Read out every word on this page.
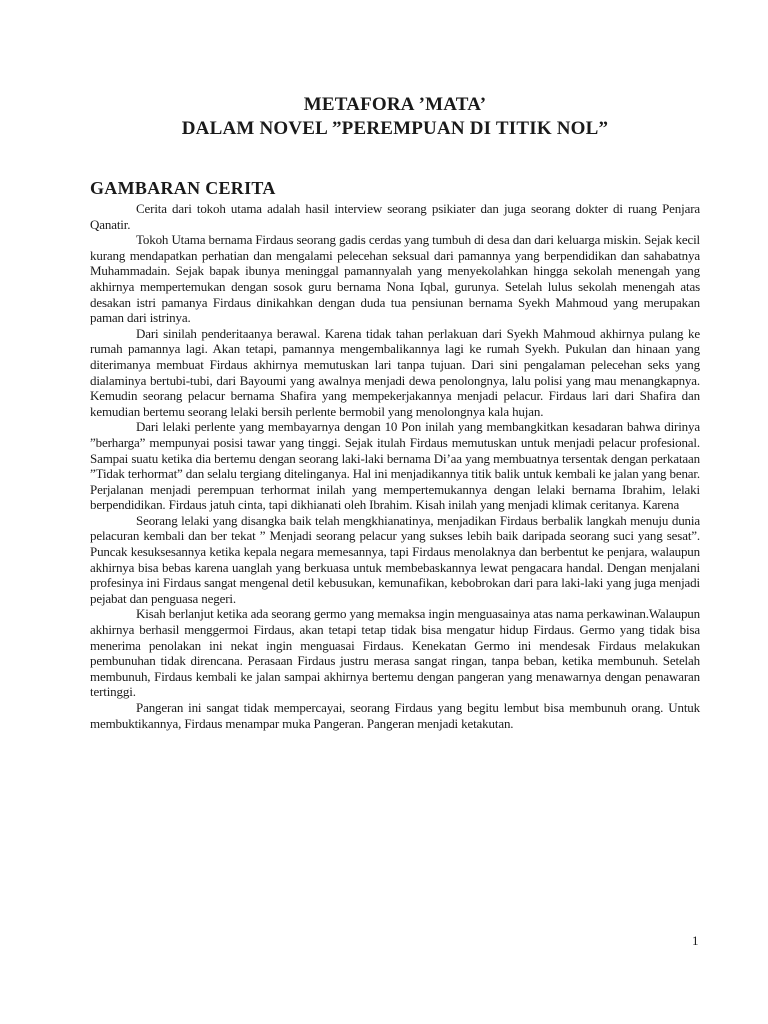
METAFORA ’MATA’
DALAM NOVEL ”PEREMPUAN DI TITIK NOL”
GAMBARAN CERITA

Cerita dari tokoh utama adalah hasil interview seorang psikiater dan juga seorang dokter di ruang Penjara Qanatir.

Tokoh Utama bernama Firdaus seorang gadis cerdas yang tumbuh di desa dan dari keluarga miskin. Sejak kecil kurang mendapatkan perhatian dan mengalami pelecehan seksual dari pamannya yang berpendidikan dan sahabatnya Muhammadain. Sejak bapak ibunya meninggal pamannyalah yang menyekolahkan hingga sekolah menengah yang akhirnya mempertemukan dengan sosok guru bernama Nona Iqbal, gurunya. Setelah lulus sekolah menengah atas desakan istri pamanya Firdaus dinikahkan dengan duda tua pensiunan bernama Syekh Mahmoud yang merupakan paman dari istrinya.

Dari sinilah penderitaanya berawal. Karena tidak tahan perlakuan dari Syekh Mahmoud akhirnya pulang ke rumah pamannya lagi. Akan tetapi, pamannya mengembalikannya lagi ke rumah Syekh. Pukulan dan hinaan yang diterimanya membuat Firdaus akhirnya memutuskan lari tanpa tujuan. Dari sini pengalaman pelecehan seks yang dialaminya bertubi-tubi, dari Bayoumi yang awalnya menjadi dewa penolongnya, lalu polisi yang mau menangkapnya. Kemudin seorang pelacur bernama Shafira yang mempekerjakannya menjadi pelacur. Firdaus lari dari Shafira dan kemudian bertemu seorang lelaki bersih perlente bermobil yang menolongnya kala hujan.

Dari lelaki perlente yang membayarnya dengan 10 Pon inilah yang membangkitkan kesadaran bahwa dirinya ”berharga” mempunyai posisi tawar yang tinggi. Sejak itulah Firdaus memutuskan untuk menjadi pelacur profesional. Sampai suatu ketika dia bertemu dengan seorang laki-laki bernama Di’aa yang membuatnya tersentak dengan perkataan ”Tidak terhormat” dan selalu tergiang ditelinganya. Hal ini menjadikannya titik balik untuk kembali ke jalan yang benar. Perjalanan menjadi perempuan terhormat inilah yang mempertemukannya dengan lelaki bernama Ibrahim, lelaki berpendidikan. Firdaus jatuh cinta, tapi dikhianati oleh Ibrahim. Kisah inilah yang menjadi klimak ceritanya. Karena

Seorang lelaki yang disangka baik telah mengkhianatinya, menjadikan Firdaus berbalik langkah menuju dunia pelacuran kembali dan ber tekat ” Menjadi seorang pelacur yang sukses lebih baik daripada seorang suci yang sesat”. Puncak kesuksesannya ketika kepala negara memesannya, tapi Firdaus menolaknya dan berbentut ke penjara, walaupun akhirnya bisa bebas karena uanglah yang berkuasa untuk membebaskannya lewat pengacara handal. Dengan menjalani profesinya ini Firdaus sangat mengenal detil kebusukan, kemunafikan, kebobrokan dari para laki-laki yang juga menjadi pejabat dan penguasa negeri.

Kisah berlanjut ketika ada seorang germo yang memaksa ingin menguasainya atas nama perkawinan.Walaupun akhirnya berhasil menggermoi Firdaus, akan tetapi tetap tidak bisa mengatur hidup Firdaus. Germo yang tidak bisa menerima penolakan ini nekat ingin menguasai Firdaus. Kenekatan Germo ini mendesak Firdaus melakukan pembunuhan tidak direncana. Perasaan Firdaus justru merasa sangat ringan, tanpa beban, ketika membunuh. Setelah membunuh, Firdaus kembali ke jalan sampai akhirnya bertemu dengan pangeran yang menawarnya dengan penawaran tertinggi.

Pangeran ini sangat tidak mempercayai, seorang Firdaus yang begitu lembut bisa membunuh orang. Untuk membuktikannya, Firdaus menampar muka Pangeran. Pangeran menjadi ketakutan.

1
